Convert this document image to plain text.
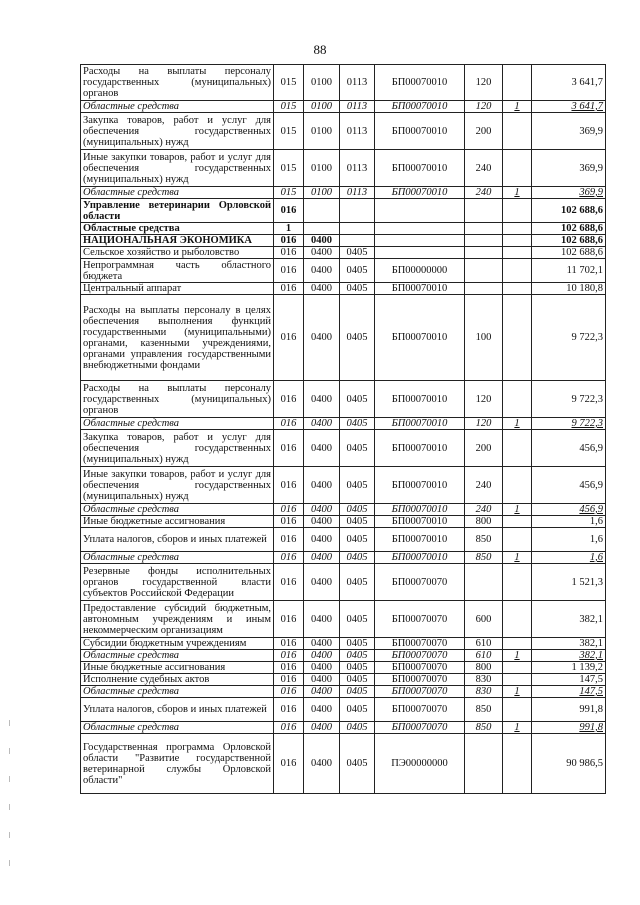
88
Расходы на выплаты персоналу государственных (муниципальных) органов	015	0100	0113	БП00070010	120		3 641,7
Областные средства	015	0100	0113	БП00070010	120	1	3 641,7
Закупка товаров, работ и услуг для обеспечения государственных (муниципальных) нужд	015	0100	0113	БП00070010	200		369,9
Иные закупки товаров, работ и услуг для обеспечения государственных (муниципальных) нужд	015	0100	0113	БП00070010	240		369,9
Областные средства	015	0100	0113	БП00070010	240	1	369,9
Управление ветеринарии Орловской области	016						102 688,6
Областные средства	1						102 688,6
НАЦИОНАЛЬНАЯ ЭКОНОМИКА	016	0400					102 688,6
Сельское хозяйство и рыболовство	016	0400	0405				102 688,6
Непрограммная часть областного бюджета	016	0400	0405	БП00000000			11 702,1
Центральный аппарат	016	0400	0405	БП00070010			10 180,8
Расходы на выплаты персоналу в целях обеспечения выполнения функций государственными (муниципальными) органами, казенными учреждениями, органами управления государственными внебюджетными фондами	016	0400	0405	БП00070010	100		9 722,3
Расходы на выплаты персоналу государственных (муниципальных) органов	016	0400	0405	БП00070010	120		9 722,3
Областные средства	016	0400	0405	БП00070010	120	1	9 722,3
Закупка товаров, работ и услуг для обеспечения государственных (муниципальных) нужд	016	0400	0405	БП00070010	200		456,9
Иные закупки товаров, работ и услуг для обеспечения государственных (муниципальных) нужд	016	0400	0405	БП00070010	240		456,9
Областные средства	016	0400	0405	БП00070010	240	1	456,9
Иные бюджетные ассигнования	016	0400	0405	БП00070010	800		1,6
Уплата налогов, сборов и иных платежей	016	0400	0405	БП00070010	850		1,6
Областные средства	016	0400	0405	БП00070010	850	1	1,6
Резервные фонды исполнительных органов государственной власти субъектов Российской Федерации	016	0400	0405	БП00070070			1 521,3
Предоставление субсидий бюджетным, автономным учреждениям и иным некоммерческим организациям	016	0400	0405	БП00070070	600		382,1
Субсидии бюджетным учреждениям	016	0400	0405	БП00070070	610		382,1
Областные средства	016	0400	0405	БП00070070	610	1	382,1
Иные бюджетные ассигнования	016	0400	0405	БП00070070	800		1 139,2
Исполнение судебных актов	016	0400	0405	БП00070070	830		147,5
Областные средства	016	0400	0405	БП00070070	830	1	147,5
Уплата налогов, сборов и иных платежей	016	0400	0405	БП00070070	850		991,8
Областные средства	016	0400	0405	БП00070070	850	1	991,8
Государственная программа Орловской области "Развитие государственной ветеринарной службы Орловской области"	016	0400	0405	ПЭ00000000			90 986,5
